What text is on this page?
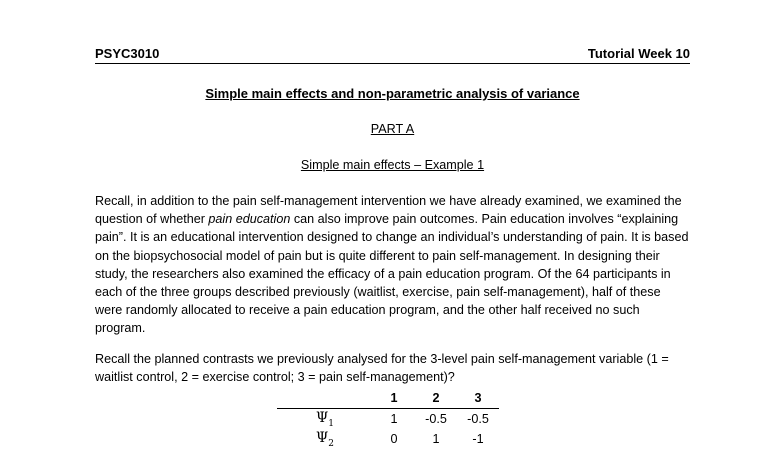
PSYC3010	Tutorial Week 10
Simple main effects and non-parametric analysis of variance
PART A
Simple main effects – Example 1

Recall, in addition to the pain self-management intervention we have already examined, we examined the question of whether pain education can also improve pain outcomes. Pain education involves “explaining pain”. It is an educational intervention designed to change an individual’s understanding of pain. It is based on the biopsychosocial model of pain but is quite different to pain self-management. In designing their study, the researchers also examined the efficacy of a pain education program. Of the 64 participants in each of the three groups described previously (waitlist, exercise, pain self-management), half of these were randomly allocated to receive a pain education program, and the other half received no such program.

Recall the planned contrasts we previously analysed for the 3-level pain self-management variable (1 = waitlist control, 2 = exercise control; 3 = pain self-management)?

	1	2	3
$\Psi_1$	1	-0.5	-0.5
$\Psi_2$	0	1	-1
